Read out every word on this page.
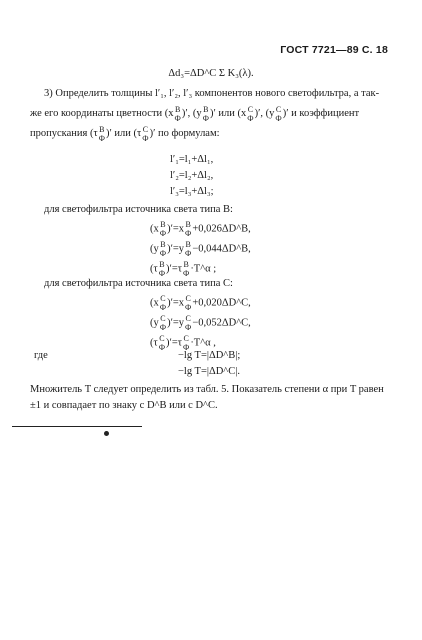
ГОСТ 7721—89 С. 18
Δd₃=ΔD^С Σ K₃(λ).
3) Определить толщины l′₁, l′₂, l′₃ компонентов нового светофильтра, а так-
же его координаты цветности (x В
Ф )′, (y В
Ф )′ или (x С
Ф )′, (y С
Ф )′ и коэффициент
пропускания (τ В
Ф )′ или (τ С
Ф )′ по формулам:
l′₁=l₁+Δl₁,
l′₂=l₂+Δl₂,
l′₃=l₃+Δl₃;
для светофильтра источника света типа В:
(x В
Ф )′=x В
Ф +0,026ΔD^В,
(y В
Ф )′=y В
Ф −0,044ΔD^В,
(τ В
Ф )′=τ В
Ф ·T^α ;
для светофильтра источника света типа С:
(x С
Ф )′=x С
Ф +0,020ΔD^С,
(y С
Ф )′=y С
Ф −0,052ΔD^С,
(τ С
Ф )′=τ С
Ф ·T^α ,
где	−lg T=|ΔD^В|;
−lg T=|ΔD^С|.
Множитель T следует определить из табл. 5. Показатель степени α при T равен
±1 и совпадает по знаку с D^В или с D^С.
